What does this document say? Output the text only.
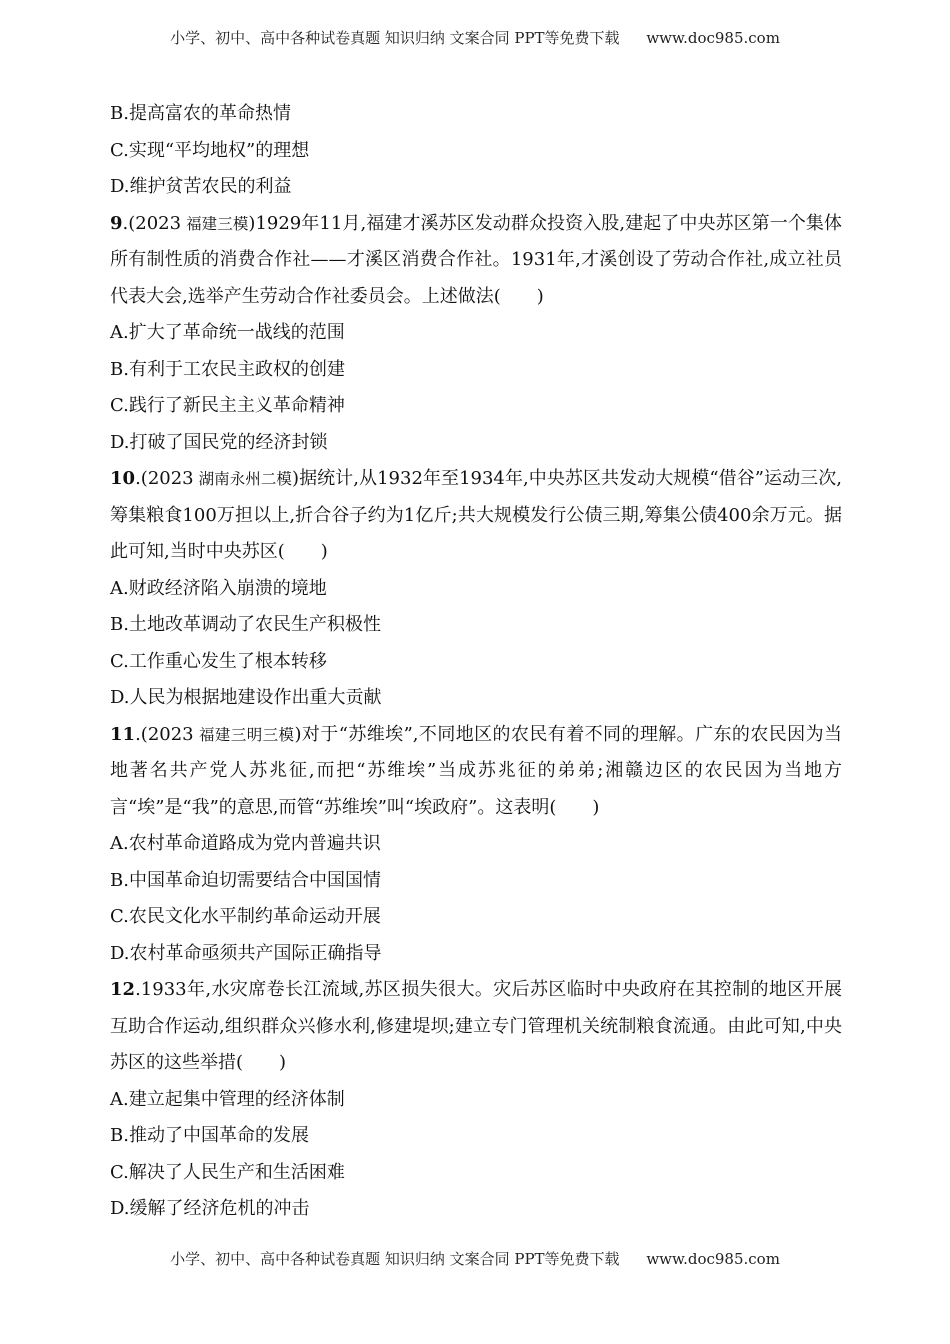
小学、初中、高中各种试卷真题 知识归纳 文案合同 PPT等免费下载 www.doc985.com
B.提高富农的革命热情
C.实现“平均地权”的理想
D.维护贫苦农民的利益
9.(2023 福建三模)1929年11月,福建才溪苏区发动群众投资入股,建起了中央苏区第一个集体所有制性质的消费合作社——才溪区消费合作社。1931年,才溪创设了劳动合作社,成立社员代表大会,选举产生劳动合作社委员会。上述做法(　　)
A.扩大了革命统一战线的范围
B.有利于工农民主政权的创建
C.践行了新民主主义革命精神
D.打破了国民党的经济封锁
10.(2023 湖南永州二模)据统计,从1932年至1934年,中央苏区共发动大规模“借谷”运动三次,筹集粮食100万担以上,折合谷子约为1亿斤;共大规模发行公债三期,筹集公债400余万元。据此可知,当时中央苏区(　　)
A.财政经济陷入崩溃的境地
B.土地改革调动了农民生产积极性
C.工作重心发生了根本转移
D.人民为根据地建设作出重大贡献
11.(2023 福建三明三模)对于“苏维埃”,不同地区的农民有着不同的理解。广东的农民因为当地著名共产党人苏兆征,而把“苏维埃”当成苏兆征的弟弟;湘赣边区的农民因为当地方言“埃”是“我”的意思,而管“苏维埃”叫“埃政府”。这表明(　　)
A.农村革命道路成为党内普遍共识
B.中国革命迫切需要结合中国国情
C.农民文化水平制约革命运动开展
D.农村革命亟须共产国际正确指导
12.1933年,水灾席卷长江流域,苏区损失很大。灾后苏区临时中央政府在其控制的地区开展互助合作运动,组织群众兴修水利,修建堤坝;建立专门管理机关统制粮食流通。由此可知,中央苏区的这些举措(　　)
A.建立起集中管理的经济体制
B.推动了中国革命的发展
C.解决了人民生产和生活困难
D.缓解了经济危机的冲击
小学、初中、高中各种试卷真题 知识归纳 文案合同 PPT等免费下载 www.doc985.com
